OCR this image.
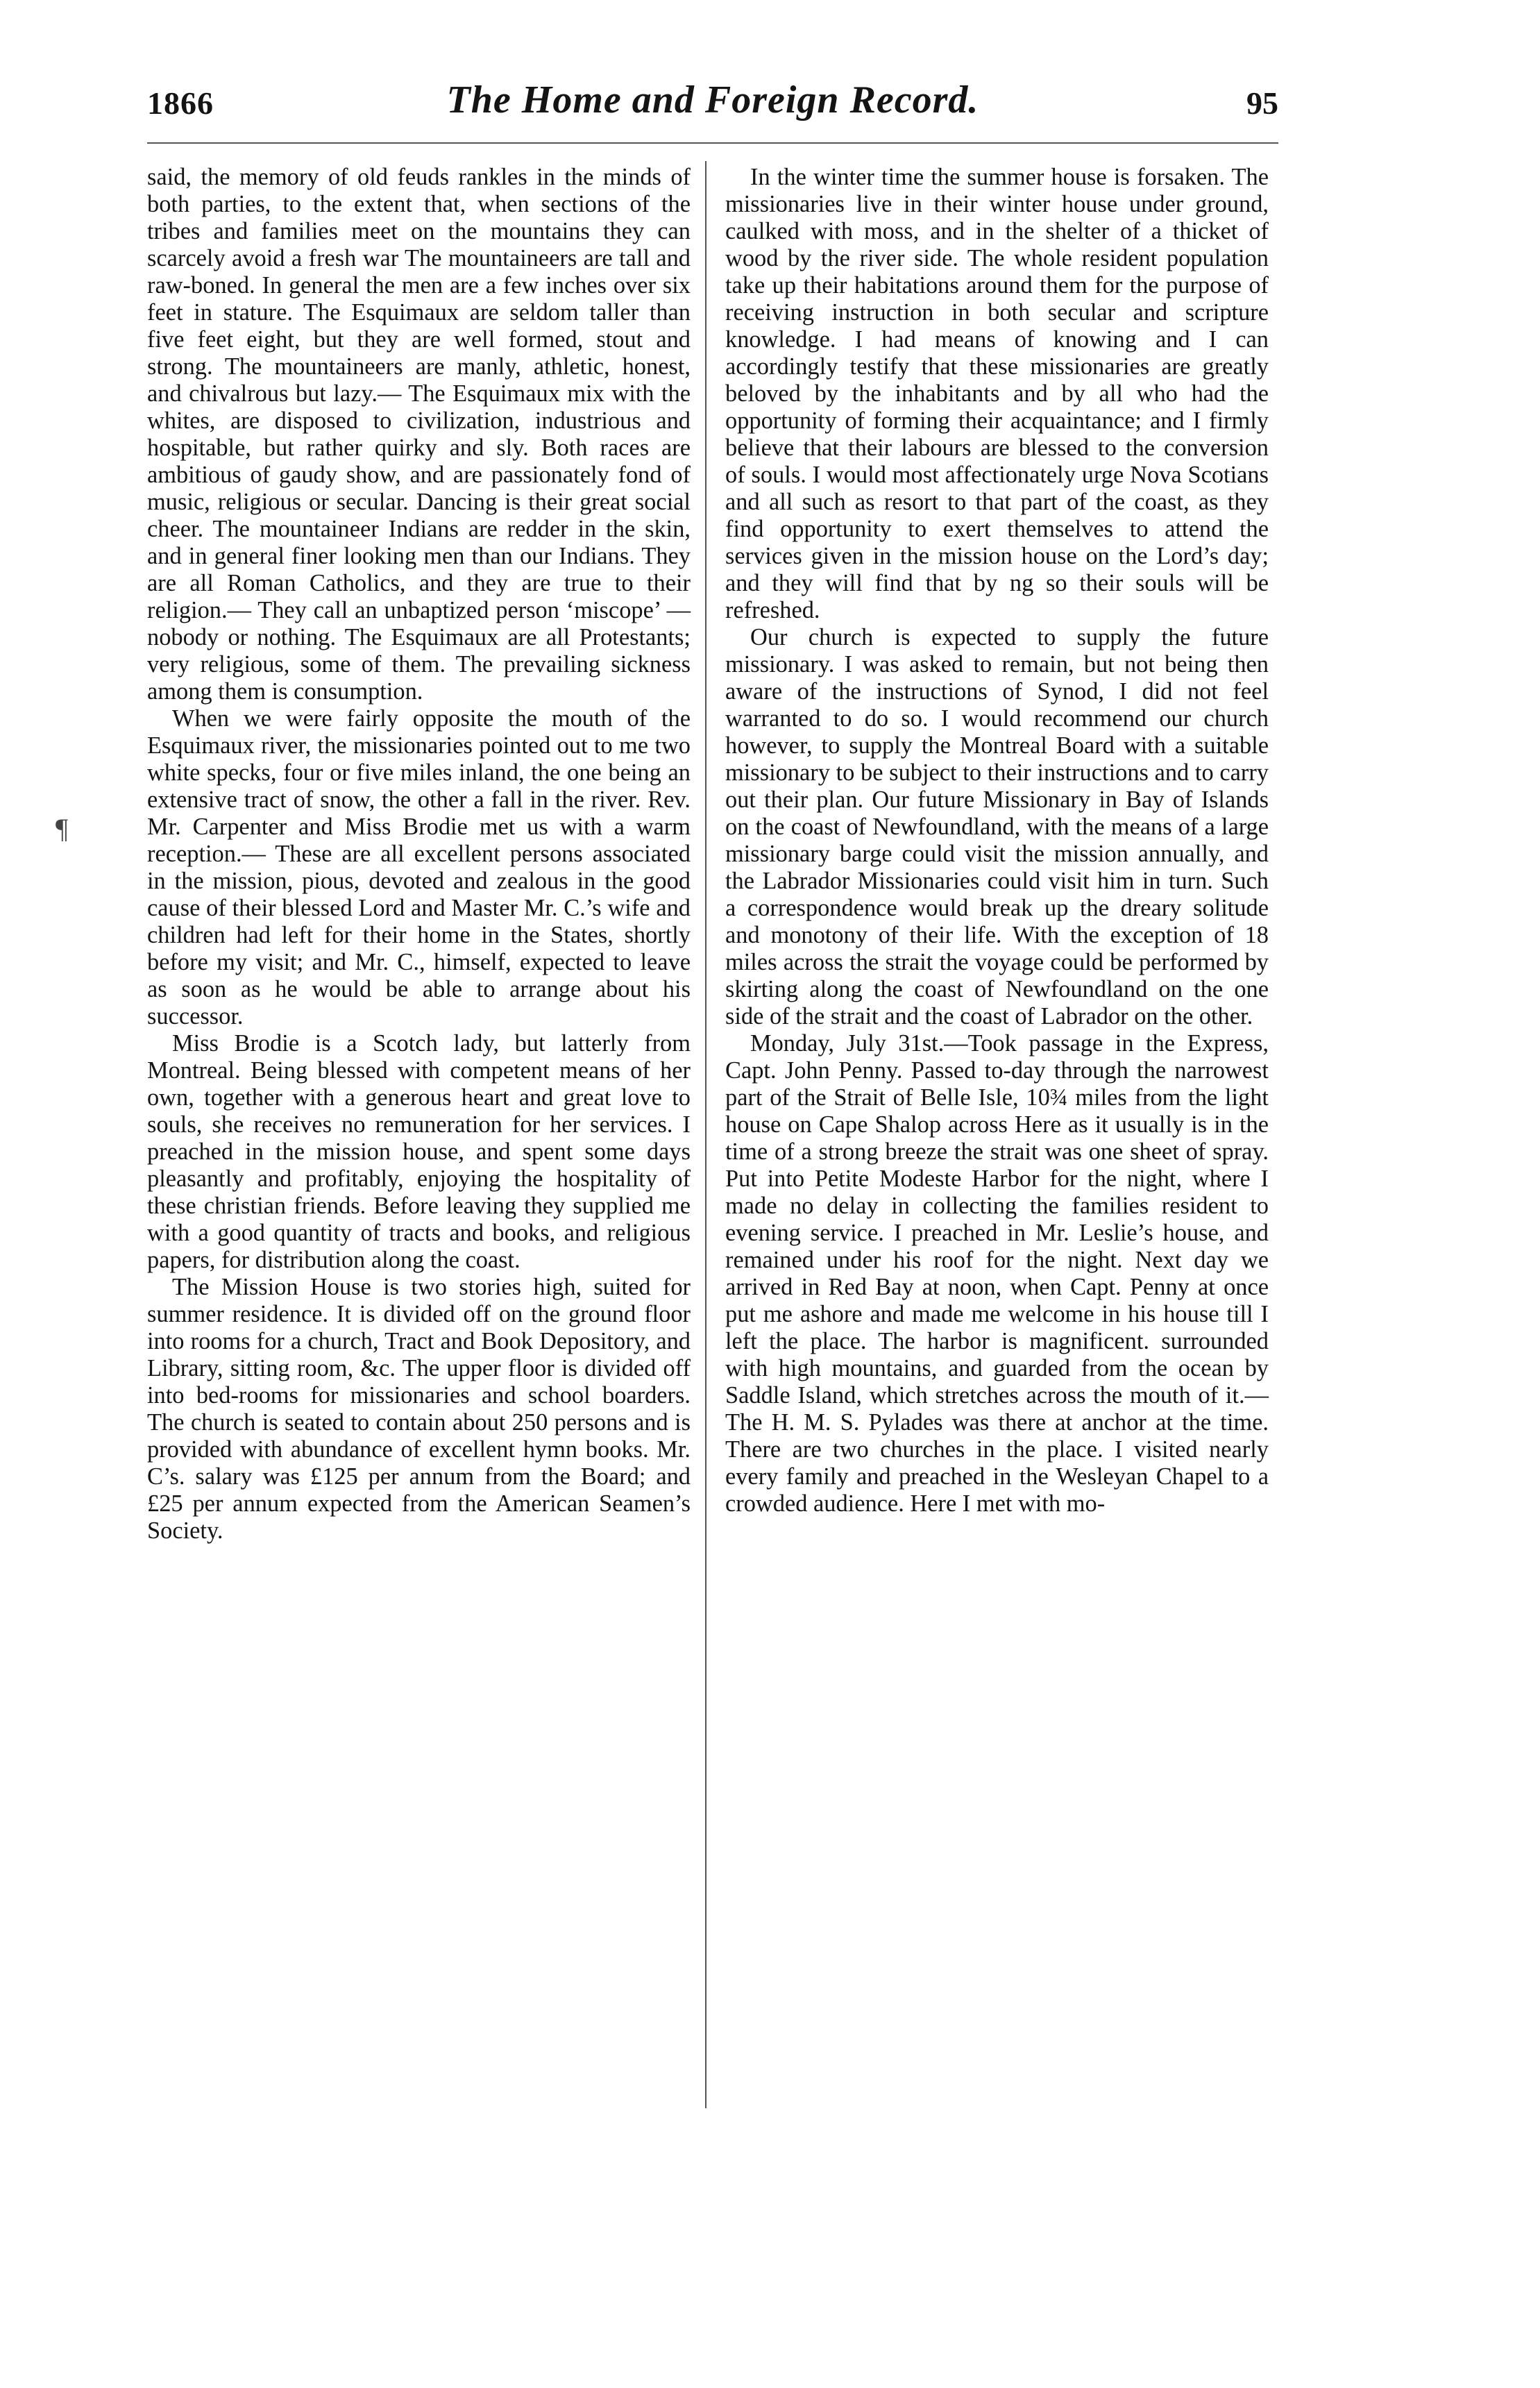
1866	The Home and Foreign Record.	95
¶

said, the memory of old feuds rankles in the minds of both parties, to the extent that, when sections of the tribes and families meet on the mountains they can scarcely avoid a fresh war The mountaineers are tall and raw-boned. In general the men are a few inches over six feet in stature. The Esquimaux are seldom taller than five feet eight, but they are well formed, stout and strong. The mountaineers are manly, athletic, honest, and chivalrous but lazy.— The Esquimaux mix with the whites, are disposed to civilization, industrious and hospitable, but rather quirky and sly. Both races are ambitious of gaudy show, and are passionately fond of music, religious or secular. Dancing is their great social cheer. The mountaineer Indians are redder in the skin, and in general finer looking men than our Indians. They are all Roman Catholics, and they are true to their religion.— They call an unbaptized person ‘miscope’ —nobody or nothing. The Esquimaux are all Protestants; very religious, some of them. The prevailing sickness among them is consumption.

When we were fairly opposite the mouth of the Esquimaux river, the missionaries pointed out to me two white specks, four or five miles inland, the one being an extensive tract of snow, the other a fall in the river. Rev. Mr. Carpenter and Miss Brodie met us with a warm reception.— These are all excellent persons associated in the mission, pious, devoted and zealous in the good cause of their blessed Lord and Master Mr. C.’s wife and children had left for their home in the States, shortly before my visit; and Mr. C., himself, expected to leave as soon as he would be able to arrange about his successor.

Miss Brodie is a Scotch lady, but latterly from Montreal. Being blessed with competent means of her own, together with a generous heart and great love to souls, she receives no remuneration for her services. I preached in the mission house, and spent some days pleasantly and profitably, enjoying the hospitality of these christian friends. Before leaving they supplied me with a good quantity of tracts and books, and religious papers, for distribution along the coast.

The Mission House is two stories high, suited for summer residence. It is divided off on the ground floor into rooms for a church, Tract and Book Depository, and Library, sitting room, &c. The upper floor is divided off into bed-rooms for missionaries and school boarders. The church is seated to contain about 250 persons and is provided with abundance of excellent hymn books. Mr. C’s. salary was £125 per annum from the Board; and £25 per annum expected from the American Seamen’s Society.

In the winter time the summer house is forsaken. The missionaries live in their winter house under ground, caulked with moss, and in the shelter of a thicket of wood by the river side. The whole resident population take up their habitations around them for the purpose of receiving instruction in both secular and scripture knowledge. I had means of knowing and I can accordingly testify that these missionaries are greatly beloved by the inhabitants and by all who had the opportunity of forming their acquaintance; and I firmly believe that their labours are blessed to the conversion of souls. I would most affectionately urge Nova Scotians and all such as resort to that part of the coast, as they find opportunity to exert themselves to attend the services given in the mission house on the Lord’s day; and they will find that by ng so their souls will be refreshed.

Our church is expected to supply the future missionary. I was asked to remain, but not being then aware of the instructions of Synod, I did not feel warranted to do so. I would recommend our church however, to supply the Montreal Board with a suitable missionary to be subject to their instructions and to carry out their plan. Our future Missionary in Bay of Islands on the coast of Newfoundland, with the means of a large missionary barge could visit the mission annually, and the Labrador Missionaries could visit him in turn. Such a correspondence would break up the dreary solitude and monotony of their life. With the exception of 18 miles across the strait the voyage could be performed by skirting along the coast of Newfoundland on the one side of the strait and the coast of Labrador on the other.

Monday, July 31st.—Took passage in the Express, Capt. John Penny. Passed to-day through the narrowest part of the Strait of Belle Isle, 10¾ miles from the light house on Cape Shalop across Here as it usually is in the time of a strong breeze the strait was one sheet of spray. Put into Petite Modeste Harbor for the night, where I made no delay in collecting the families resident to evening service. I preached in Mr. Leslie’s house, and remained under his roof for the night. Next day we arrived in Red Bay at noon, when Capt. Penny at once put me ashore and made me welcome in his house till I left the place. The harbor is magnificent. surrounded with high mountains, and guarded from the ocean by Saddle Island, which stretches across the mouth of it.— The H. M. S. Pylades was there at anchor at the time. There are two churches in the place. I visited nearly every family and preached in the Wesleyan Chapel to a crowded audience. Here I met with mo-
